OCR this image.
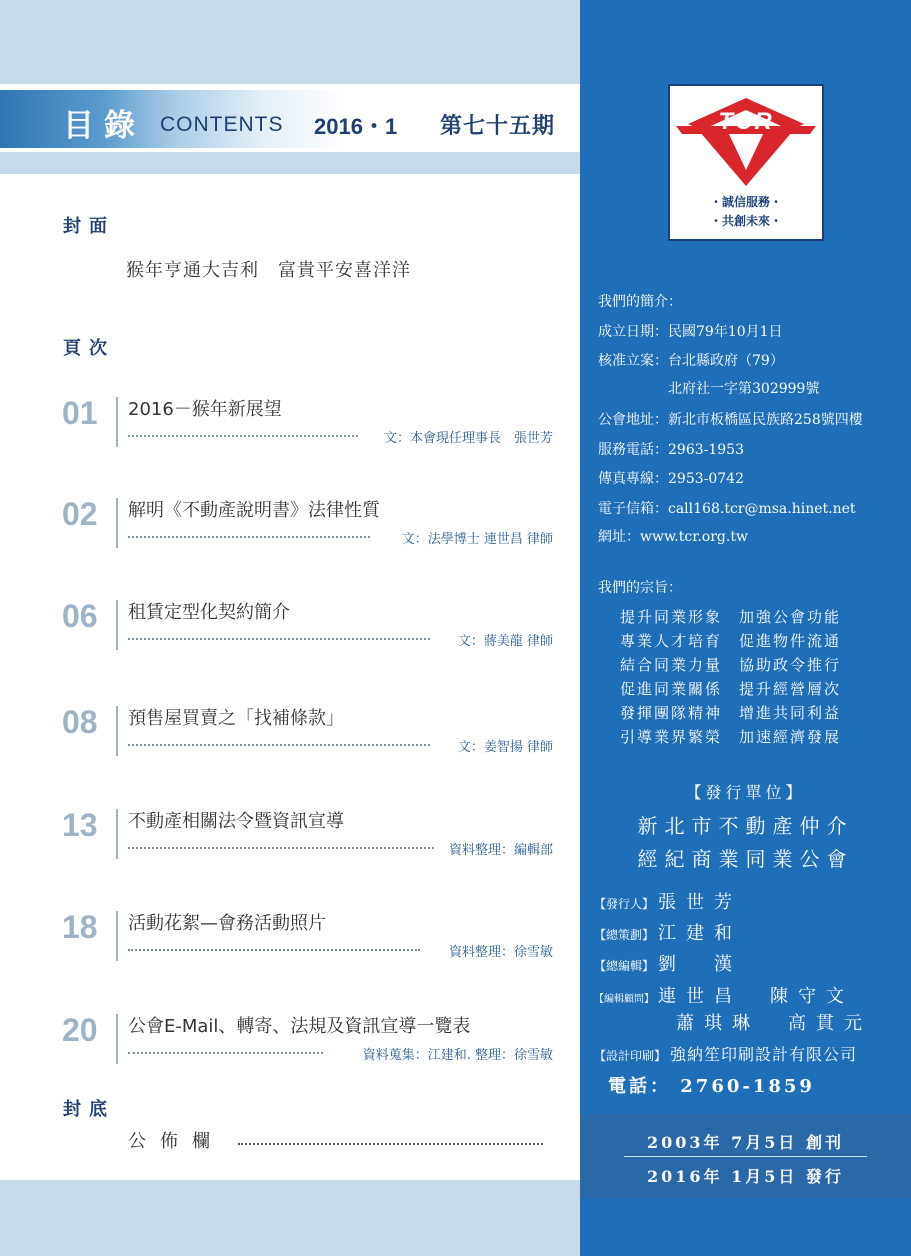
目錄 CONTENTS 2016・1 第七十五期
封面
猴年亨通大吉利　富貴平安喜洋洋
頁次
01 2016－猴年新展望
文：本會現任理事長　張世芳
02 解明《不動產說明書》法律性質
文：法學博士 連世昌 律師
06 租賃定型化契約簡介
文：蔣美龍 律師
08 預售屋買賣之「找補條款」
文：姜智揚 律師
13 不動產相關法令暨資訊宣導
資料整理：編輯部
18 活動花絮—會務活動照片
資料整理：徐雪敏
20 公會E-Mail、轉寄、法規及資訊宣導一覽表
資料蒐集：江建和. 整理：徐雪敏
封底
公佈欄
TCR
・誠信服務・
・共創未來・
我們的簡介：
成立日期：民國79年10月1日
核准立案：台北縣政府（79）
　　　　　北府社一字第302999號
公會地址：新北市板橋區民族路258號四樓
服務電話：2963-1953
傳真專線：2953-0742
電子信箱：call168.tcr@msa.hinet.net
網址：www.tcr.org.tw
我們的宗旨：
提升同業形象　加強公會功能
專業人才培育　促進物件流通
結合同業力量　協助政令推行
促進同業關係　提升經營層次
發揮團隊精神　增進共同利益
引導業界繁榮　加速經濟發展
【發行單位】
新北市不動產仲介
經紀商業同業公會
【發行人】 張世芳
【總策劃】 江建和
【總編輯】 劉　漢
【編輯顧問】 連世昌　陳守文
蕭琪琳　高貫元
【設計印刷】 強納笙印刷設計有限公司
電話： 2760-1859
2003年 7月5日 創刊
2016年 1月5日 發行
